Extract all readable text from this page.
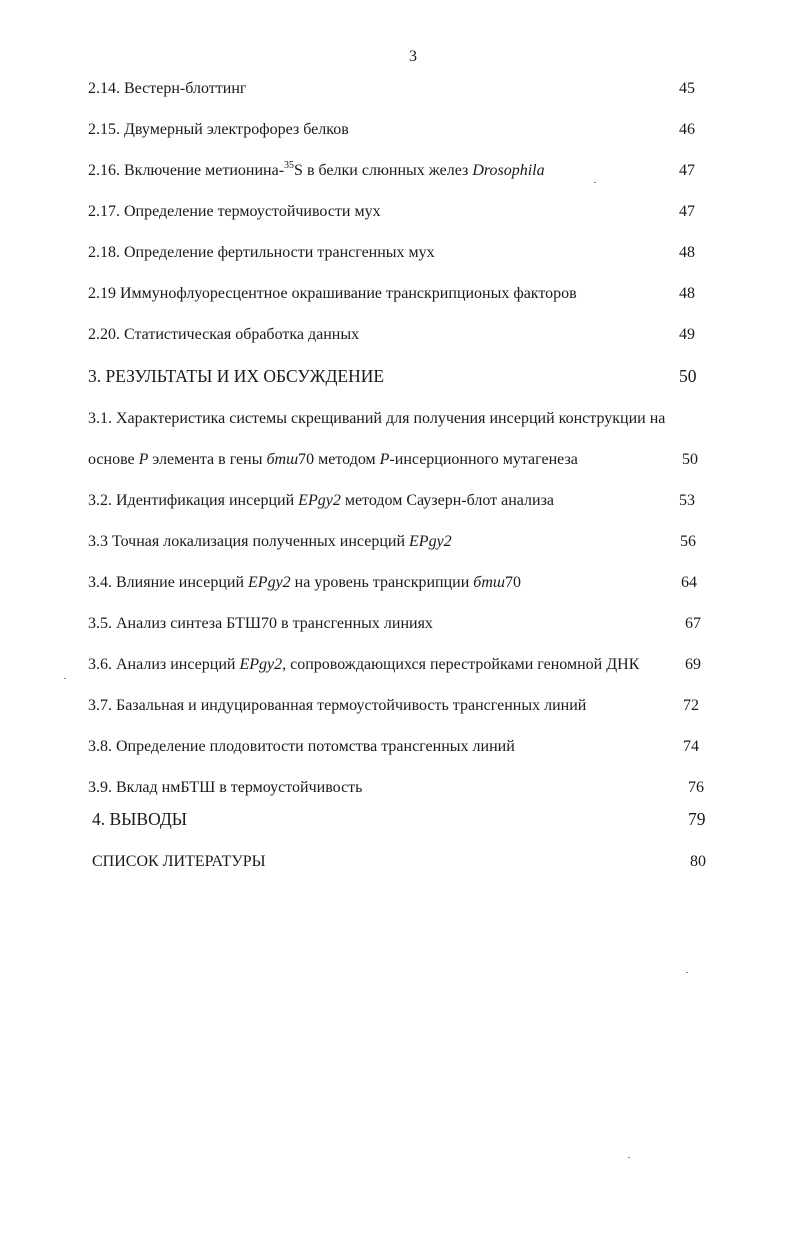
3
2.14. Вестерн-блоттинг	45
2.15. Двумерный электрофорез белков	46
2.16. Включение метионина-$^{35}$S в белки слюнных желез Drosophila	47
2.17. Определение термоустойчивости мух	47
2.18. Определение фертильности трансгенных мух	48
2.19 Иммунофлуоресцентное окрашивание транскрипционых факторов	48
2.20. Статистическая обработка данных	49
3. РЕЗУЛЬТАТЫ И ИХ ОБСУЖДЕНИЕ	50
3.1. Характеристика системы скрещиваний для получения инсерций конструкции на
основе Р элемента в гены бтш70 методом Р-инсерционного мутагенеза	50
3.2. Идентификация инсерций EPgy2 методом Саузерн-блот анализа	53
3.3 Точная локализация полученных инсерций EPgy2	56
3.4. Влияние инсерций EPgy2 на уровень транскрипции бтш70	64
3.5. Анализ синтеза БТШ70 в трансгенных линиях	67
3.6. Анализ инсерций EPgy2, сопровождающихся перестройками геномной ДНК	69
3.7. Базальная и индуцированная термоустойчивость трансгенных линий	72
3.8. Определение плодовитости потомства трансгенных линий	74
3.9. Вклад нмБТШ в термоустойчивость	76
4. ВЫВОДЫ	79
СПИСОК ЛИТЕРАТУРЫ	80
